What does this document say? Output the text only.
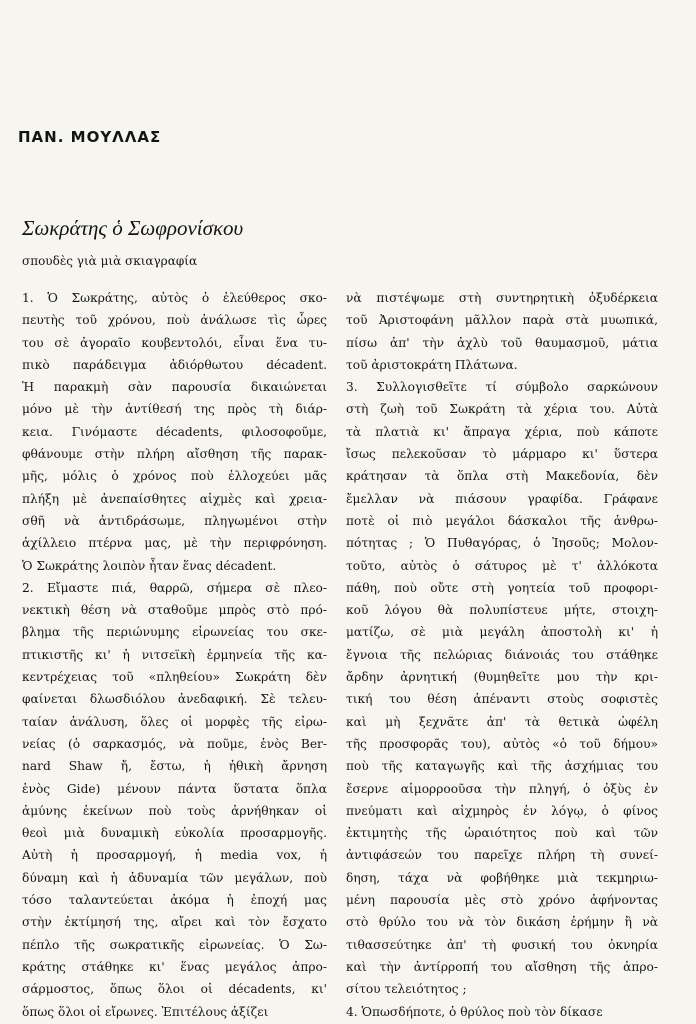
ΠΑΝ. ΜΟΥΛΛΑΣ
Σωκράτης ὁ Σωφρονίσκου
σπουδὲς γιὰ μιὰ σκιαγραφία
1. Ὁ Σωκράτης, αὐτὸς ὁ ἐλεύθερος σκο-
πευτὴς τοῦ χρόνου, ποὺ ἀνάλωσε τὶς ὧρες
του σὲ ἀγοραῖο κουβεντολόι, εἶναι ἕνα τυ-
πικὸ παράδειγμα ἀδιόρθωτου décadent.
Ἡ παρακμὴ σὰν παρουσία δικαιώνεται
μόνο μὲ τὴν ἀντίθεσή της πρὸς τὴ διάρ-
κεια. Γινόμαστε décadents, φιλοσοφοῦμε,
φθάνουμε στὴν πλήρη αἴσθηση τῆς παρακ-
μῆς, μόλις ὁ χρόνος ποὺ ἐλλοχεύει μᾶς
πλήξη μὲ ἀνεπαίσθητες αἰχμὲς καὶ χρεια-
σθῆ νὰ ἀντιδράσωμε, πληγωμένοι στὴν
ἀχίλλειο πτέρνα μας, μὲ τὴν περιφρόνηση.
Ὁ Σωκράτης λοιπὸν ἦταν ἕνας décadent.
2. Εἴμαστε πιά, θαρρῶ, σήμερα σὲ πλεο-
νεκτικὴ θέση νὰ σταθοῦμε μπρὸς στὸ πρό-
βλημα τῆς περιώνυμης εἰρωνείας του σκε-
πτικιστῆς κι' ἡ νιτσεϊκὴ ἑρμηνεία τῆς κα-
κεντρέχειας τοῦ «πληθείου» Σωκράτη δὲν
φαίνεται δλωσδιόλου ἀνεδαφική. Σὲ τελευ-
ταίαν ἀνάλυση, ὅλες οἱ μορφὲς τῆς εἰρω-
νείας (ὁ σαρκασμός, νὰ ποῦμε, ἑνὸς Ber-
nard Shaw ἤ, ἔστω, ἡ ἠθικὴ ἄρνηση
ἑνὸς Gide) μένουν πάντα ὕστατα ὅπλα
ἀμύνης ἐκείνων ποὺ τοὺς ἀρνήθηκαν οἱ
θεοὶ μιὰ δυναμικὴ εὐκολία προσαρμογῆς.
Αὐτὴ ἡ προσαρμογή, ἡ media vox, ἡ
δύναμη καὶ ἡ ἀδυναμία τῶν μεγάλων, ποὺ
τόσο ταλαντεύεται ἀκόμα ἡ ἐποχή μας
στὴν ἐκτίμησή της, αἴρει καὶ τὸν ἔσχατο
πέπλο τῆς σωκρατικῆς εἰρωνείας. Ὁ Σω-
κράτης στάθηκε κι' ἕνας μεγάλος ἀπρο-
σάρμοστος, ὅπως ὅλοι οἱ décadents, κι'
ὅπως ὅλοι οἱ εἴρωνες. Ἐπιτέλους ἀξίζει
νὰ πιστέψωμε στὴ συντηρητικὴ ὀξυδέρκεια
τοῦ Ἀριστοφάνη μᾶλλον παρὰ στὰ μυωπικά,
πίσω ἀπ' τὴν ἀχλὺ τοῦ θαυμασμοῦ, μάτια
τοῦ ἀριστοκράτη Πλάτωνα.
3. Συλλογισθεῖτε τί σύμβολο σαρκώνουν
στὴ ζωὴ τοῦ Σωκράτη τὰ χέρια του. Αὐτὰ
τὰ πλατιὰ κι' ἄπραγα χέρια, ποὺ κάποτε
ἴσως πελεκοῦσαν τὸ μάρμαρο κι' ὕστερα
κράτησαν τὰ ὅπλα στὴ Μακεδονία, δὲν
ἔμελλαν νὰ πιάσουν γραφίδα. Γράφανε
ποτὲ οἱ πιὸ μεγάλοι δάσκαλοι τῆς ἀνθρω-
πότητας ; Ὁ Πυθαγόρας, ὁ Ἰησοῦς; Μολον-
τοῦτο, αὐτὸς ὁ σάτυρος μὲ τ' ἀλλόκοτα
πάθη, ποὺ οὔτε στὴ γοητεία τοῦ προφορι-
κοῦ λόγου θὰ πολυπίστευε μήτε, στοιχη-
ματίζω, σὲ μιὰ μεγάλη ἀποστολὴ κι' ἡ
ἔγνοια τῆς πελώριας διάνοιάς του στάθηκε
ἄρδην ἀρνητική (θυμηθεῖτε μου τὴν κρι-
τική του θέση ἀπέναντι στοὺς σοφιστὲς
καὶ μὴ ξεχνᾶτε ἀπ' τὰ θετικὰ ὠφέλη
τῆς προσφορᾶς του), αὐτὸς «ὁ τοῦ δήμου»
ποὺ τῆς καταγωγῆς καὶ τῆς ἀσχήμιας του
ἔσερνε αἱμορροοῦσα τὴν πληγή, ὁ ὀξὺς ἐν
πνεύματι καὶ αἰχμηρὸς ἐν λόγῳ, ὁ φίνος
ἐκτιμητὴς τῆς ὡραιότητος ποὺ καὶ τῶν
ἀντιφάσεών του παρεῖχε πλήρη τὴ συνεί-
δηση, τάχα νὰ φοβήθηκε μιὰ τεκμηριω-
μένη παρουσία μὲς στὸ χρόνο ἀφήνοντας
στὸ θρύλο του νὰ τὸν δικάση ἐρήμην ἢ νὰ
τιθασσεύτηκε ἀπ' τὴ φυσική του ὀκνηρία
καὶ τὴν ἀντίρροπή του αἴσθηση τῆς ἀπρο-
σίτου τελειότητος ;
4. Ὁπωσδήποτε, ὁ θρύλος ποὺ τὸν δίκασε
